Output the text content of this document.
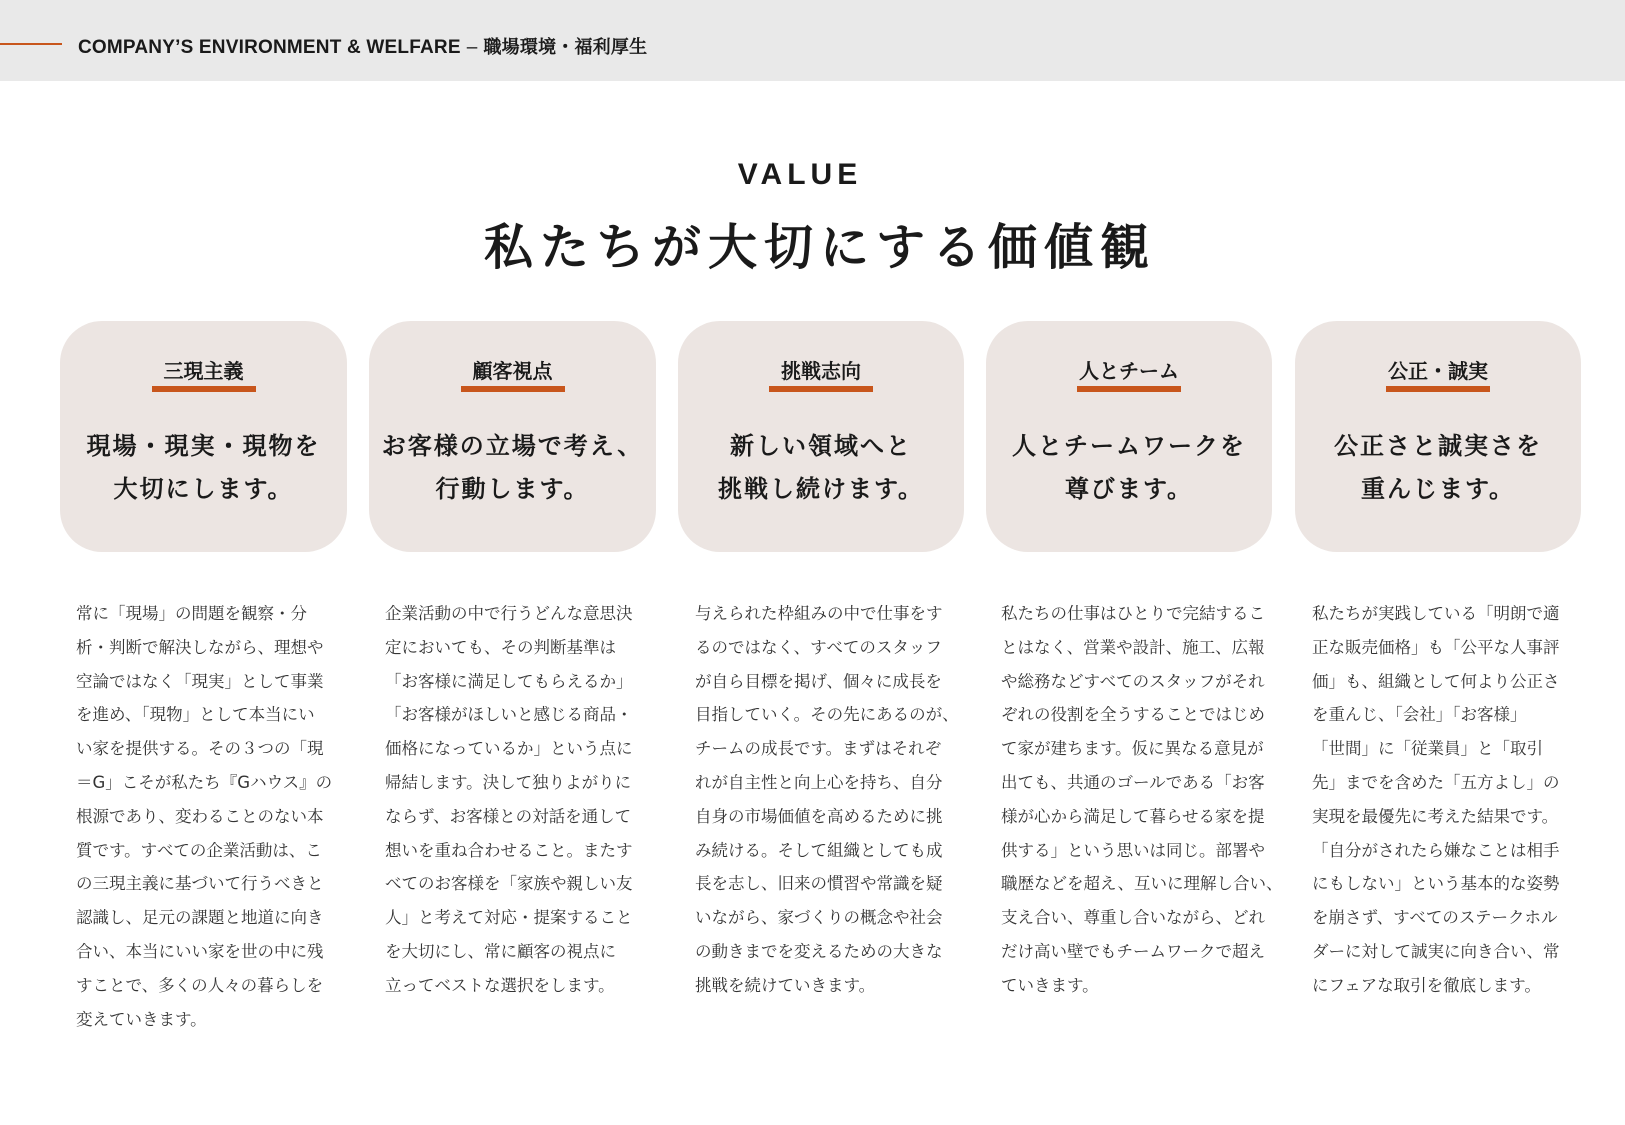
COMPANY’S ENVIRONMENT & WELFARE – 職場環境・福利厚生
VALUE
私たちが大切にする価値観
三現主義
現場・現実・現物を
大切にします。
顧客視点
お客様の立場で考え、
行動します。
挑戦志向
新しい領域へと
挑戦し続けます。
人とチーム
人とチームワークを
尊びます。
公正・誠実
公正さと誠実さを
重んじます。
常に「現場」の問題を観察・分
析・判断で解決しながら、理想や
空論ではなく「現実」として事業
を進め、「現物」として本当にい
い家を提供する。その３つの「現
＝G」こそが私たち『Gハウス』の
根源であり、変わることのない本
質です。すべての企業活動は、こ
の三現主義に基づいて行うべきと
認識し、足元の課題と地道に向き
合い、本当にいい家を世の中に残
すことで、多くの人々の暮らしを
変えていきます。
企業活動の中で行うどんな意思決
定においても、その判断基準は
「お客様に満足してもらえるか」
「お客様がほしいと感じる商品・
価格になっているか」という点に
帰結します。決して独りよがりに
ならず、お客様との対話を通して
想いを重ね合わせること。またす
べてのお客様を「家族や親しい友
人」と考えて対応・提案すること
を大切にし、常に顧客の視点に
立ってベストな選択をします。
与えられた枠組みの中で仕事をす
るのではなく、すべてのスタッフ
が自ら目標を掲げ、個々に成長を
目指していく。その先にあるのが、
チームの成長です。まずはそれぞ
れが自主性と向上心を持ち、自分
自身の市場価値を高めるために挑
み続ける。そして組織としても成
長を志し、旧来の慣習や常識を疑
いながら、家づくりの概念や社会
の動きまでを変えるための大きな
挑戦を続けていきます。
私たちの仕事はひとりで完結するこ
とはなく、営業や設計、施工、広報
や総務などすべてのスタッフがそれ
ぞれの役割を全うすることではじめ
て家が建ちます。仮に異なる意見が
出ても、共通のゴールである「お客
様が心から満足して暮らせる家を提
供する」という思いは同じ。部署や
職歴などを超え、互いに理解し合い、
支え合い、尊重し合いながら、どれ
だけ高い壁でもチームワークで超え
ていきます。
私たちが実践している「明朗で適
正な販売価格」も「公平な人事評
価」も、組織として何より公正さ
を重んじ、「会社」「お客様」
「世間」に「従業員」と「取引
先」までを含めた「五方よし」の
実現を最優先に考えた結果です。
「自分がされたら嫌なことは相手
にもしない」という基本的な姿勢
を崩さず、すべてのステークホル
ダーに対して誠実に向き合い、常
にフェアな取引を徹底します。
